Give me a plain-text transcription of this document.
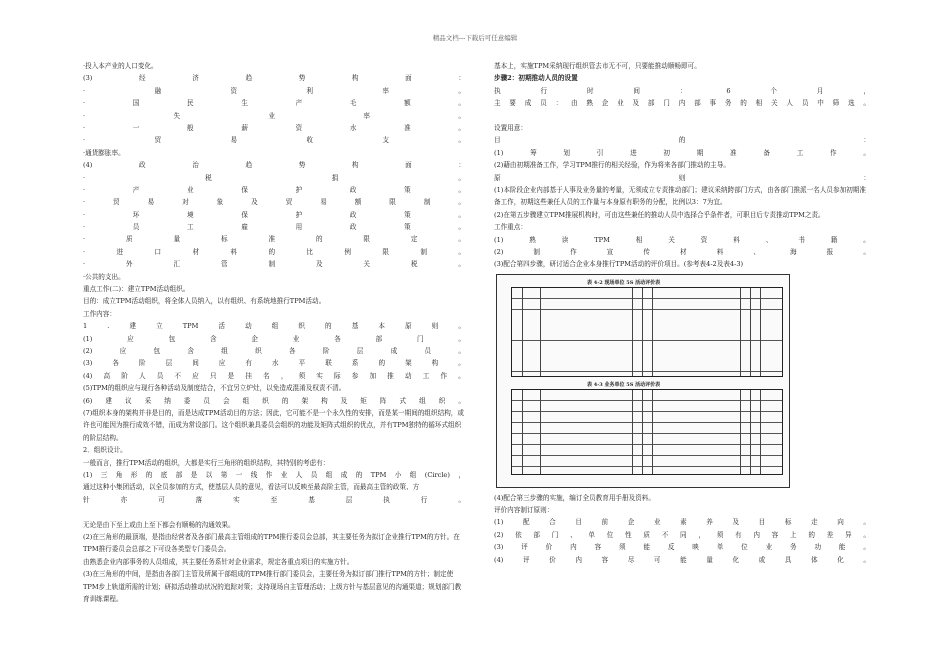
精品文档---下载后可任意编辑
·投入本产业的人口变化。
(3)	经	济	趋	势	构	面	：
·	融	资	利	率	。
·	国	民	生	产	毛	额	。
·	失	业	率	。
·	一	般	薪	资	水	准	。
·	贸	易	收	支	。
·通货膨胀率。
(4)	政	治	趋	势	构	面	：
·	税	捐	。
·	产	业	保	护	政	策	。
·	贸	易	对	象	及	贸	易	额	限	制	。
·	环	境	保	护	政	策	。
·	员	工	雇	用	政	策	。
·	质	量	标	准	的	限	定	。
·	进	口	材	料	的	比	例	限	制	。
·	外	汇	管	制	及	关	税	。
·公共的支出。
重点工作(二)：建立TPM活动组织。
目的：成立TPM活动组织，将全体人员纳入，以有组织、有系统地推行TPM活动。
工作内容：
1	.	建	立	TPM	活	动	组	织	的	基	本	原	则	。
(1)	应	包	含	企	业	各	部	门	。
(2)	应	包	含	组	织	各	阶	层	成	员	。
(3)	各	阶	层	间	应	有	水	平	联	系	的	架	构	。
(4) 高 阶 人 员 不 应 只 是 挂 名 ， 须 实 际 参 加 推 动 工 作 。
(5)TPM的组织应与现行各种活动及制度结合，不宜另立炉灶，以免造成混淆及权责不清。
(6) 建 议 采 纳 委 员 会 组 织 的 架 构 及 矩 阵 式 组 织 。
(7)组织本身的架构并非是目的，而是达成TPM活动目的方法；因此，它可能不是一个永久性的安排，而是某一期间的组织结构，或许也可能因为推行成效不错，而成为常设部门。这个组织兼具委员会组织的功能及矩阵式组织的优点，并有TPM独特的循环式组织的阶层结构。
2．组织设计。
一般而言，推行TPM活动的组织，大都是实行三角形的组织结构，其特别的考虑有：
(1) 三 角 形 的 底 部 是 以 第 一 线 作 业 人 员 组 成 的 TPM 小 组 (Circle) ，
通过这种小集团活动，以全员参加的方式，使基层人员的意见，看法可以反映至最高阶主管，而最高主管的政策、方
针	亦	可	落	实	至	基	层	执	行	。
无论是由下至上或由上至下都会有顺畅的沟通效果。
(2)在三角形的最顶端，是指由经营者及各部门最高主管组成的TPM推行委员会总部，其主要任务为拟订企业推行TPM的方针。在TPM推行委员会总部之下可设各类型专门委员会。
由熟悉企业内部事务的人员组成，其主要任务系针对企业需求，规定各重点项目的实施方针。
(3)在三角形的中间，是指由各部门主管及所属干部组成的TPM推行部门委员会，主要任务为拟订部门推行TPM的方针；制定使TPM步上轨道所需的计划；研拟活动推动状况的追踪对策；支持现场自主管理活动；上级方针与基层意见的沟通渠道；规划部门教育训练课程。
基本上，实施TPM采纳现行组织管去市无不可，只要能推动顺畅即可。
步骤2：初期推动人员的设置
执	行	时	间	：	6	个	月	，
主 要 成 员 ： 由 熟 企 业 及 部 门 内 部 事 务 的 相 关 人 员 中 筛 选 。
设置用意：
目	的	：
(1)	筹	划	引	进	初	期	准	备	工	作	。
(2)藉由初期准备工作，学习TPM推行的相关经验，作为将来各部门推动的主导。
原	则	：
(1)本阶段企业内部基于人事及业务量的考量，无须成立专责推动部门；建议采纳跨部门方式，由各部门推派一名人员参加初期准备工作，初期这些兼任人员的工作量与本身原有职务的分配，比例以3：7为宜。
(2)在第五步骤建立TPM推展机构时，可由这些兼任的推动人员中选择合乎条件者，可职目后专责推动TPM之责。
工作重点：
(1)	熟	读	TPM	相	关	资	料	、	书	籍	。
(2)	制	作	宣	传	材	料	、	海	报	。
(3)配合第四步骤，研讨适合企业本身推行TPM活动的评价项目。(参考表4-2及表4-3)
表 4-2 现场单位 5S 活动评价表
表 4-3 业务单位 5S 活动评价表
(4)配合第三步骤的实施，编订全员教育用手册及资料。
评价内容制订原则：
(1)	配	合	目	前	企	业	素	养	及	目	标	走	向	。
(2) 依 部 门 、 单 位 性 质 不 同 ， 须 有 内 容 上 的 差 异 。
(3)	评	价	内	容	须	能	反	映	单	位	业	务	功	能	。
(4)	评	价	内	容	尽	可	能	量	化	或	具	体	化	。
